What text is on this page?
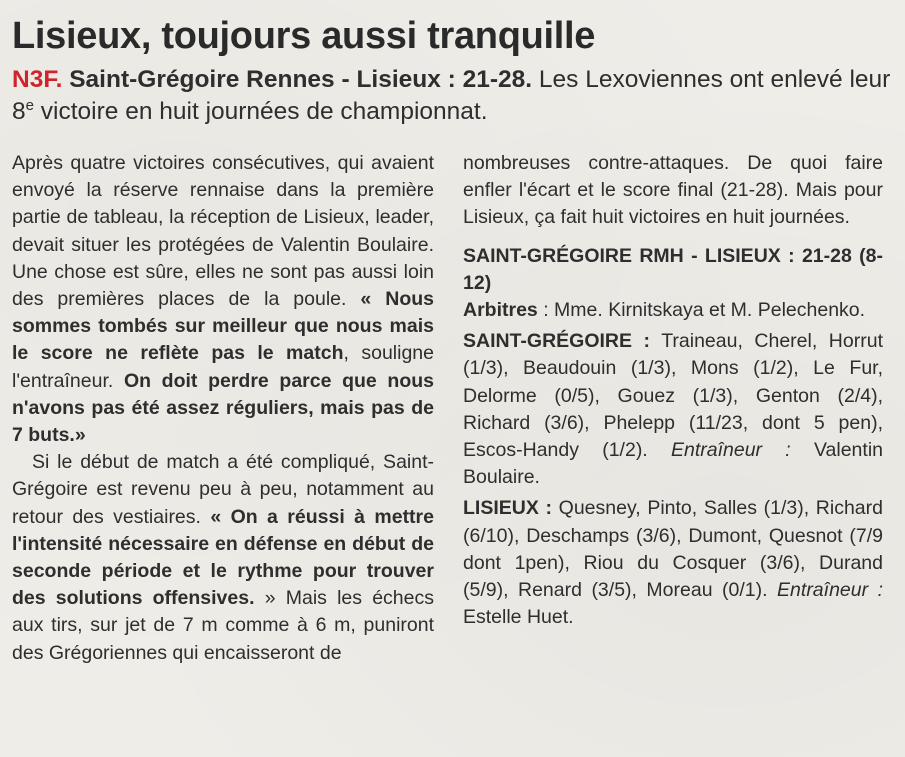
Lisieux, toujours aussi tranquille

N3F. Saint-Grégoire Rennes - Lisieux : 21-28. Les Lexoviennes ont enlevé leur 8e victoire en huit journées de championnat.

Après quatre victoires consécutives, qui avaient envoyé la réserve rennaise dans la première partie de tableau, la réception de Lisieux, leader, devait situer les protégées de Valentin Boulaire. Une chose est sûre, elles ne sont pas aussi loin des premières places de la poule. « Nous sommes tombés sur meilleur que nous mais le score ne reflète pas le match, souligne l'entraîneur. On doit perdre parce que nous n'avons pas été assez réguliers, mais pas de 7 buts.»

Si le début de match a été compliqué, Saint-Grégoire est revenu peu à peu, notamment au retour des vestiaires. « On a réussi à mettre l'intensité nécessaire en défense en début de seconde période et le rythme pour trouver des solutions offensives. » Mais les échecs aux tirs, sur jet de 7 m comme à 6 m, puniront des Grégoriennes qui encaisseront de

nombreuses contre-attaques. De quoi faire enfler l'écart et le score final (21-28). Mais pour Lisieux, ça fait huit victoires en huit journées.

SAINT-GRÉGOIRE RMH - LISIEUX : 21-28 (8-12)

Arbitres : Mme. Kirnitskaya et M. Pelechenko.

SAINT-GRÉGOIRE : Traineau, Cherel, Horrut (1/3), Beaudouin (1/3), Mons (1/2), Le Fur, Delorme (0/5), Gouez (1/3), Genton (2/4), Richard (3/6), Phelepp (11/23, dont 5 pen), Escos-Handy (1/2). Entraîneur : Valentin Boulaire.

LISIEUX : Quesney, Pinto, Salles (1/3), Richard (6/10), Deschamps (3/6), Dumont, Quesnot (7/9 dont 1pen), Riou du Cosquer (3/6), Durand (5/9), Renard (3/5), Moreau (0/1). Entraîneur : Estelle Huet.
